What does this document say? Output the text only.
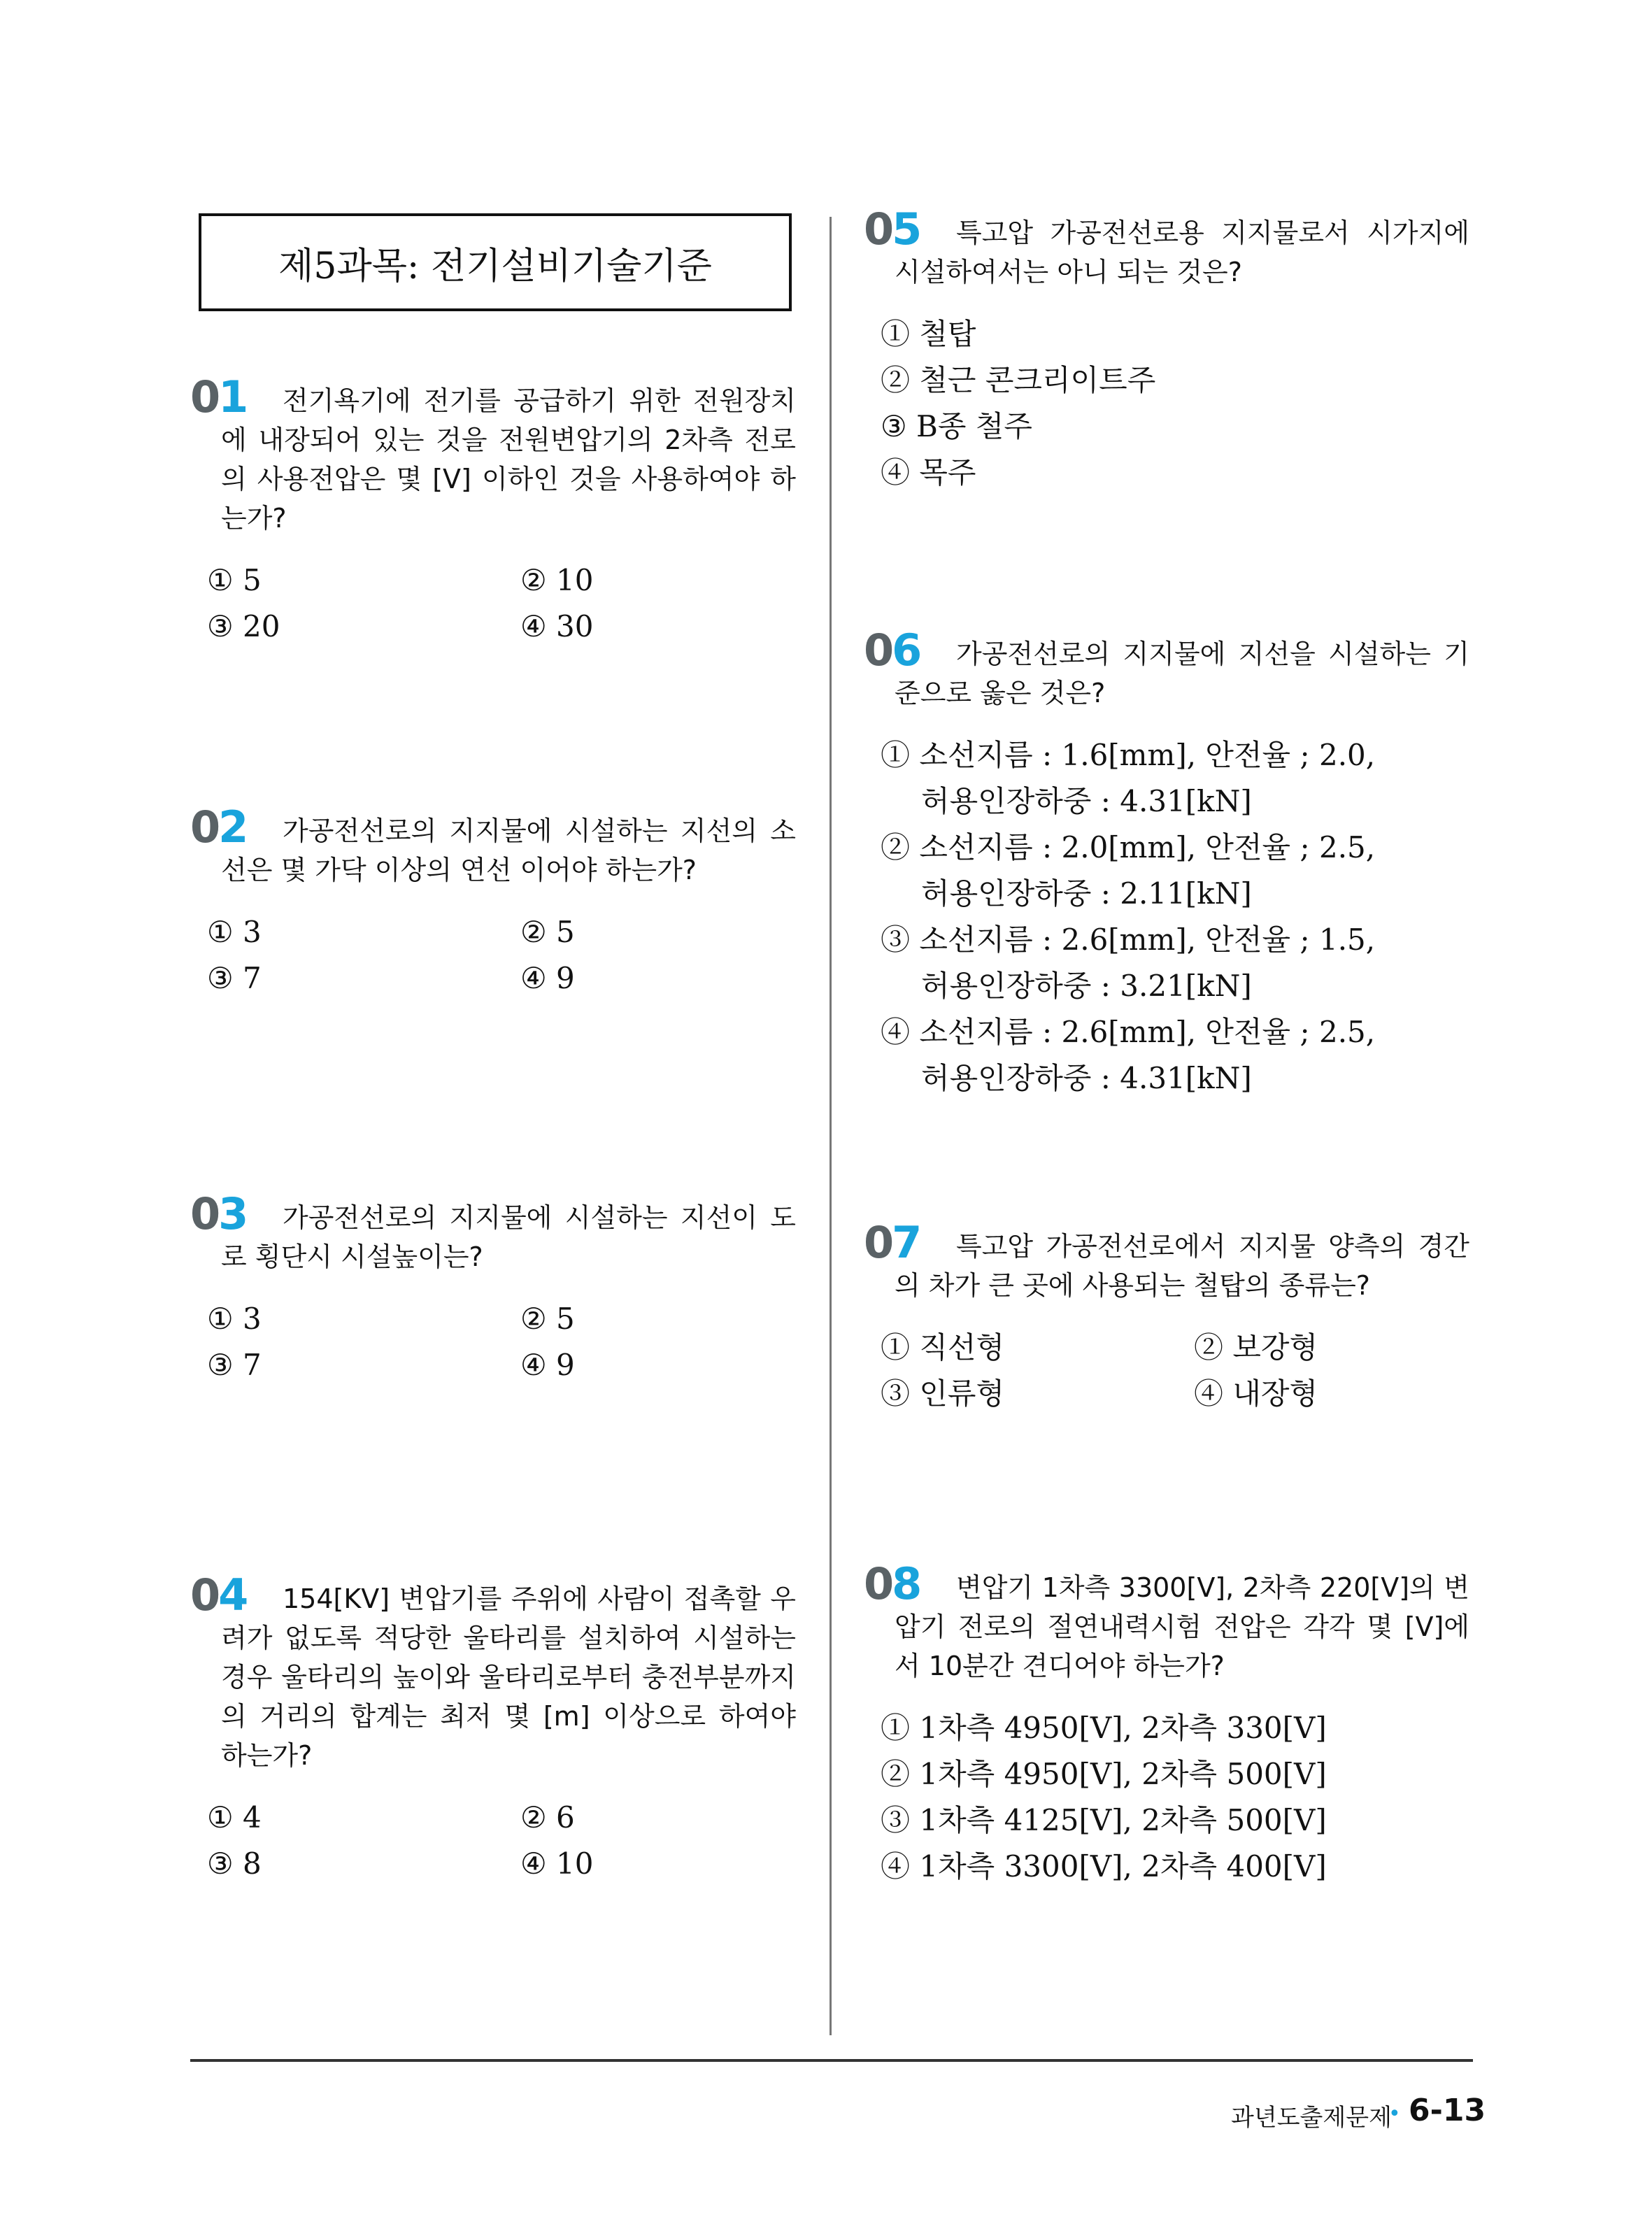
제5과목: 전기설비기술기준
01	전기욕기에 전기를 공급하기 위한 전원장치에 내장되어 있는 것을 전원변압기의 2차측 전로의 사용전압은 몇 [V] 이하인 것을 사용하여야 하는가?

① 5	② 10
③ 20	④ 30
02	가공전선로의 지지물에 시설하는 지선의 소선은 몇 가닥 이상의 연선 이어야 하는가?

① 3	② 5
③ 7	④ 9
03	가공전선로의 지지물에 시설하는 지선이 도로 횡단시 시설높이는?

① 3	② 5
③ 7	④ 9
04	154[KV] 변압기를 주위에 사람이 접촉할 우려가 없도록 적당한 울타리를 설치하여 시설하는 경우 울타리의 높이와 울타리로부터 충전부분까지의 거리의 합계는 최저 몇 [m] 이상으로 하여야 하는가?

① 4	② 6
③ 8	④ 10
05	특고압 가공전선로용 지지물로서 시가지에 시설하여서는 아니 되는 것은?

① 철탑
② 철근 콘크리이트주
③ B종 철주
④ 목주
06	가공전선로의 지지물에 지선을 시설하는 기준으로 옳은 것은?

① 소선지름 : 1.6[mm], 안전율 ; 2.0,
허용인장하중 : 4.31[kN]
② 소선지름 : 2.0[mm], 안전율 ; 2.5,
허용인장하중 : 2.11[kN]
③ 소선지름 : 2.6[mm], 안전율 ; 1.5,
허용인장하중 : 3.21[kN]
④ 소선지름 : 2.6[mm], 안전율 ; 2.5,
허용인장하중 : 4.31[kN]
07	특고압 가공전선로에서 지지물 양측의 경간의 차가 큰 곳에 사용되는 철탑의 종류는?

① 직선형	② 보강형
③ 인류형	④ 내장형
08	변압기 1차측 3300[V], 2차측 220[V]의 변압기 전로의 절연내력시험 전압은 각각 몇 [V]에서 10분간 견디어야 하는가?

① 1차측 4950[V], 2차측 330[V]
② 1차측 4950[V], 2차측 500[V]
③ 1차측 4125[V], 2차측 500[V]
④ 1차측 3300[V], 2차측 400[V]
과년도출제문제
• 6-13
